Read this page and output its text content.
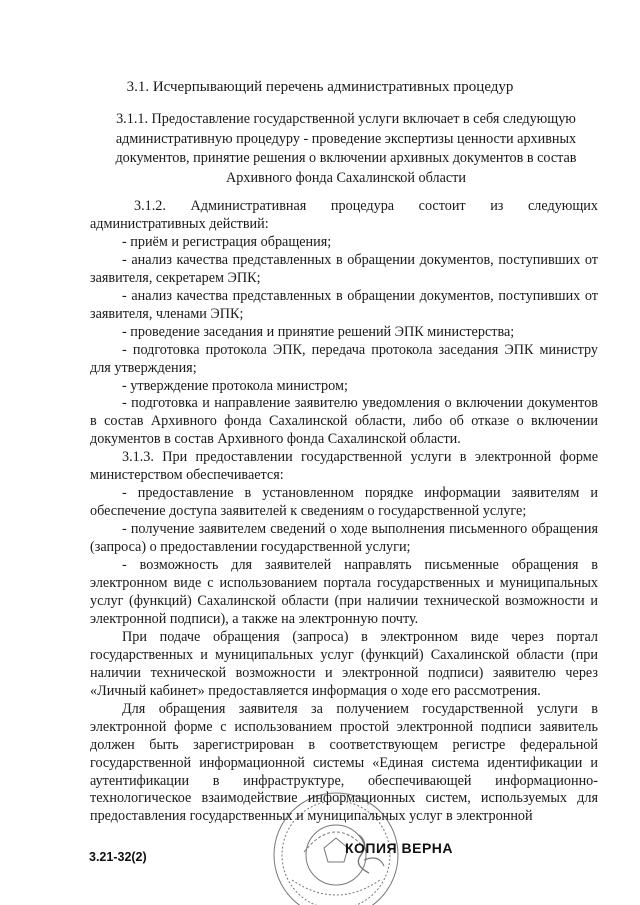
3.1. Исчерпывающий перечень административных процедур
3.1.1. Предоставление государственной услуги включает в себя следующую административную процедуру - проведение экспертизы ценности архивных документов, принятие решения о включении архивных документов в состав Архивного фонда Сахалинской области

3.1.2. Административная процедура состоит из следующих административных действий:

- приём и регистрация обращения;

- анализ качества представленных в обращении документов, поступивших от заявителя, секретарем ЭПК;

- анализ качества представленных в обращении документов, поступивших от заявителя, членами ЭПК;

- проведение заседания и принятие решений ЭПК министерства;

- подготовка протокола ЭПК, передача протокола заседания ЭПК министру для утверждения;

- утверждение протокола министром;

- подготовка и направление заявителю уведомления о включении документов в состав Архивного фонда Сахалинской области, либо об отказе о включении документов в состав Архивного фонда Сахалинской области.

3.1.3. При предоставлении государственной услуги в электронной форме министерством обеспечивается:

- предоставление в установленном порядке информации заявителям и обеспечение доступа заявителей к сведениям о государственной услуге;

- получение заявителем сведений о ходе выполнения письменного обращения (запроса) о предоставлении государственной услуги;

- возможность для заявителей направлять письменные обращения в электронном виде с использованием портала государственных и муниципальных услуг (функций) Сахалинской области (при наличии технической возможности и электронной подписи), а также на электронную почту.

При подаче обращения (запроса) в электронном виде через портал государственных и муниципальных услуг (функций) Сахалинской области (при наличии технической возможности и электронной подписи) заявителю через «Личный кабинет» предоставляется информация о ходе его рассмотрения.

Для обращения заявителя за получением государственной услуги в электронной форме с использованием простой электронной подписи заявитель должен быть зарегистрирован в соответствующем регистре федеральной государственной информационной системы «Единая система идентификации и аутентификации в инфраструктуре, обеспечивающей информационно-технологическое взаимодействие информационных систем, используемых для предоставления государственных и муниципальных услуг в электронной

3.21-32(2)
КОПИЯ ВЕРНА
